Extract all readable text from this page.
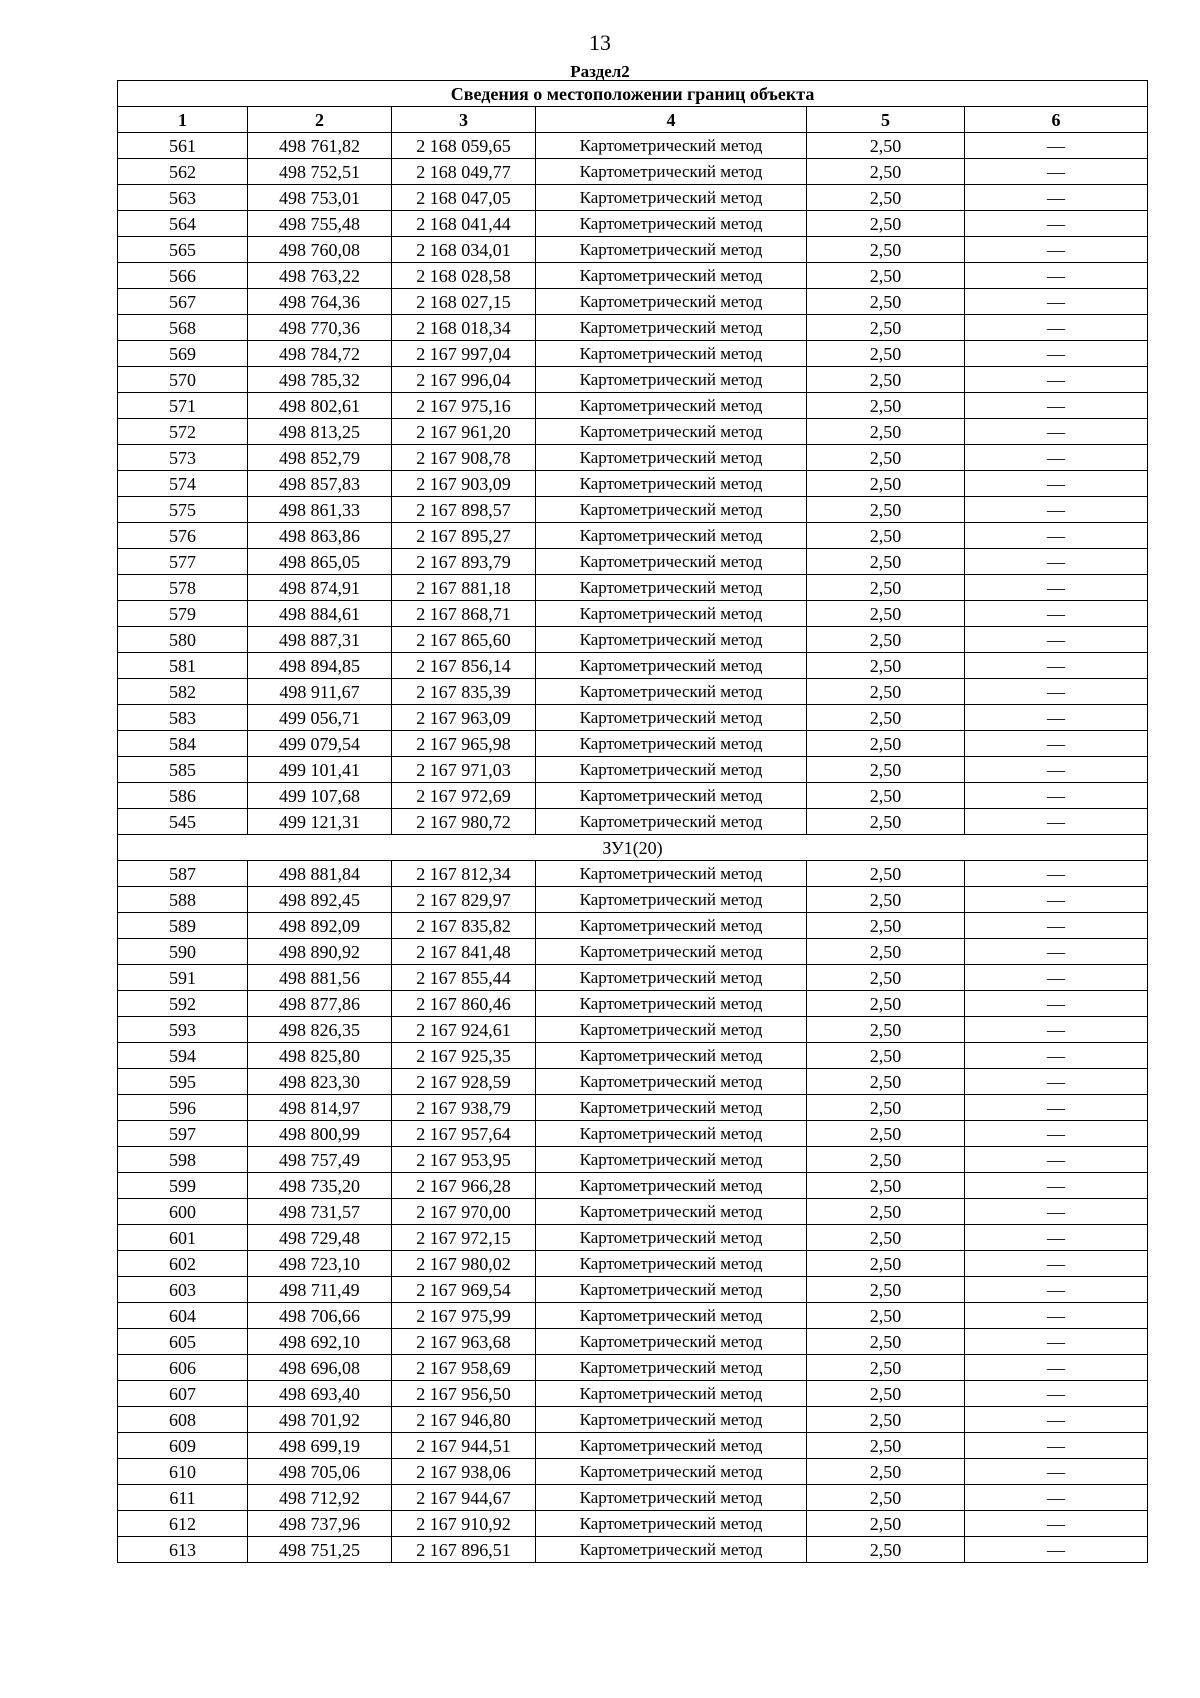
13
Раздел2
Сведения о местоположении границ объекта					
1	2	3	4	5	6
561	498 761,82	2 168 059,65	Картометрический метод	2,50	—
562	498 752,51	2 168 049,77	Картометрический метод	2,50	—
563	498 753,01	2 168 047,05	Картометрический метод	2,50	—
564	498 755,48	2 168 041,44	Картометрический метод	2,50	—
565	498 760,08	2 168 034,01	Картометрический метод	2,50	—
566	498 763,22	2 168 028,58	Картометрический метод	2,50	—
567	498 764,36	2 168 027,15	Картометрический метод	2,50	—
568	498 770,36	2 168 018,34	Картометрический метод	2,50	—
569	498 784,72	2 167 997,04	Картометрический метод	2,50	—
570	498 785,32	2 167 996,04	Картометрический метод	2,50	—
571	498 802,61	2 167 975,16	Картометрический метод	2,50	—
572	498 813,25	2 167 961,20	Картометрический метод	2,50	—
573	498 852,79	2 167 908,78	Картометрический метод	2,50	—
574	498 857,83	2 167 903,09	Картометрический метод	2,50	—
575	498 861,33	2 167 898,57	Картометрический метод	2,50	—
576	498 863,86	2 167 895,27	Картометрический метод	2,50	—
577	498 865,05	2 167 893,79	Картометрический метод	2,50	—
578	498 874,91	2 167 881,18	Картометрический метод	2,50	—
579	498 884,61	2 167 868,71	Картометрический метод	2,50	—
580	498 887,31	2 167 865,60	Картометрический метод	2,50	—
581	498 894,85	2 167 856,14	Картометрический метод	2,50	—
582	498 911,67	2 167 835,39	Картометрический метод	2,50	—
583	499 056,71	2 167 963,09	Картометрический метод	2,50	—
584	499 079,54	2 167 965,98	Картометрический метод	2,50	—
585	499 101,41	2 167 971,03	Картометрический метод	2,50	—
586	499 107,68	2 167 972,69	Картометрический метод	2,50	—
545	499 121,31	2 167 980,72	Картометрический метод	2,50	—
ЗУ1(20)					
587	498 881,84	2 167 812,34	Картометрический метод	2,50	—
588	498 892,45	2 167 829,97	Картометрический метод	2,50	—
589	498 892,09	2 167 835,82	Картометрический метод	2,50	—
590	498 890,92	2 167 841,48	Картометрический метод	2,50	—
591	498 881,56	2 167 855,44	Картометрический метод	2,50	—
592	498 877,86	2 167 860,46	Картометрический метод	2,50	—
593	498 826,35	2 167 924,61	Картометрический метод	2,50	—
594	498 825,80	2 167 925,35	Картометрический метод	2,50	—
595	498 823,30	2 167 928,59	Картометрический метод	2,50	—
596	498 814,97	2 167 938,79	Картометрический метод	2,50	—
597	498 800,99	2 167 957,64	Картометрический метод	2,50	—
598	498 757,49	2 167 953,95	Картометрический метод	2,50	—
599	498 735,20	2 167 966,28	Картометрический метод	2,50	—
600	498 731,57	2 167 970,00	Картометрический метод	2,50	—
601	498 729,48	2 167 972,15	Картометрический метод	2,50	—
602	498 723,10	2 167 980,02	Картометрический метод	2,50	—
603	498 711,49	2 167 969,54	Картометрический метод	2,50	—
604	498 706,66	2 167 975,99	Картометрический метод	2,50	—
605	498 692,10	2 167 963,68	Картометрический метод	2,50	—
606	498 696,08	2 167 958,69	Картометрический метод	2,50	—
607	498 693,40	2 167 956,50	Картометрический метод	2,50	—
608	498 701,92	2 167 946,80	Картометрический метод	2,50	—
609	498 699,19	2 167 944,51	Картометрический метод	2,50	—
610	498 705,06	2 167 938,06	Картометрический метод	2,50	—
611	498 712,92	2 167 944,67	Картометрический метод	2,50	—
612	498 737,96	2 167 910,92	Картометрический метод	2,50	—
613	498 751,25	2 167 896,51	Картометрический метод	2,50	—
